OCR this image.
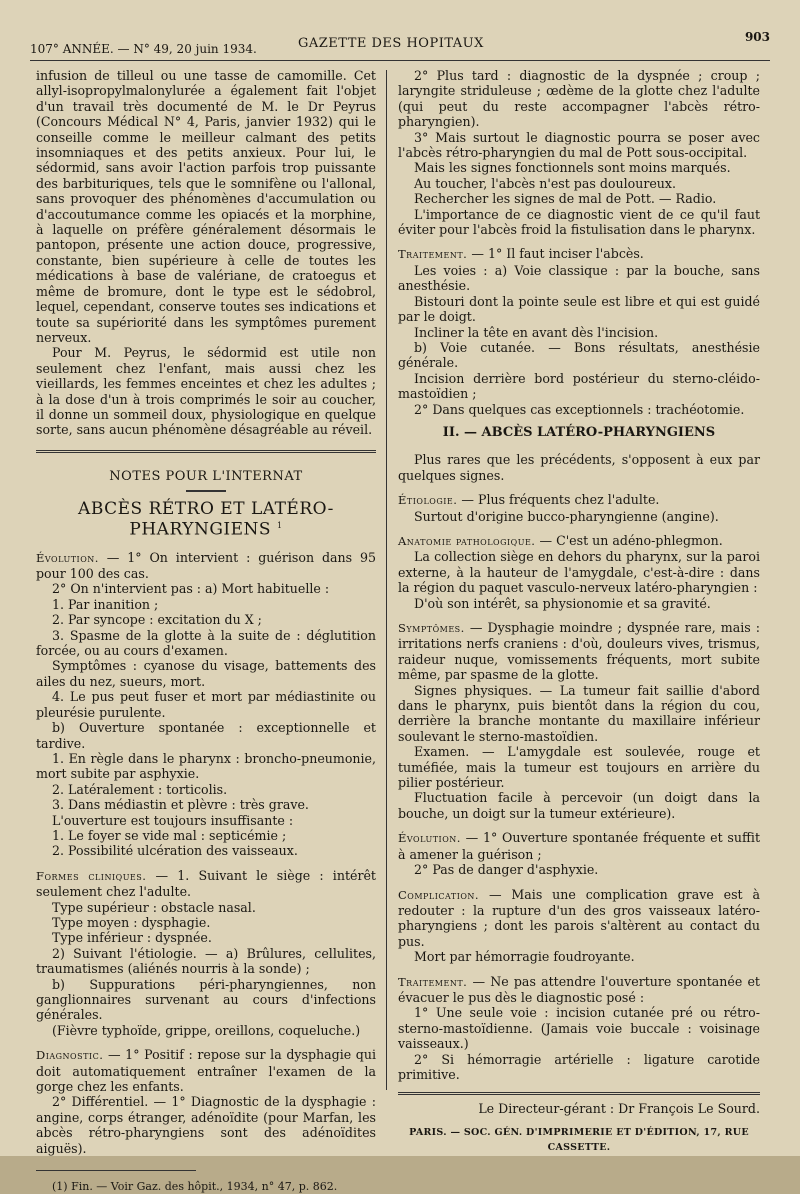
107° ANNÉE. — N° 49, 20 juin 1934.	GAZETTE DES HOPITAUX	903

infusion de tilleul ou une tasse de camomille. Cet allyl-isopropylmalonylurée a également fait l'objet d'un travail très documenté de M. le Dr Peyrus (Concours Médical N° 4, Paris, janvier 1932) qui le conseille comme le meilleur calmant des petits insomniaques et des petits anxieux. Pour lui, le sédormid, sans avoir l'action parfois trop puissante des barbituriques, tels que le somnifène ou l'allonal, sans provoquer des phénomènes d'accumulation ou d'accoutumance comme les opiacés et la morphine, à laquelle on préfère généralement désormais le pantopon, présente une action douce, progressive, constante, bien supérieure à celle de toutes les médications à base de valériane, de cratoegus et même de bromure, dont le type est le sédobrol, lequel, cependant, conserve toutes ses indications et toute sa supériorité dans les symptômes purement nerveux.

Pour M. Peyrus, le sédormid est utile non seulement chez l'enfant, mais aussi chez les vieillards, les femmes enceintes et chez les adultes ; à la dose d'un à trois comprimés le soir au coucher, il donne un sommeil doux, physiologique en quelque sorte, sans aucun phénomène désagréable au réveil.

NOTES POUR L'INTERNAT
ABCÈS RÉTRO ET LATÉRO-PHARYNGIENS $^1$

Évolution. — 1° On intervient : guérison dans 95 pour 100 des cas.

2° On n'intervient pas : a) Mort habituelle :

1. Par inanition ;

2. Par syncope : excitation du X ;

3. Spasme de la glotte à la suite de : déglutition forcée, ou au cours d'examen.

Symptômes : cyanose du visage, battements des ailes du nez, sueurs, mort.

4. Le pus peut fuser et mort par médiastinite ou pleurésie purulente.

b) Ouverture spontanée : exceptionnelle et tardive.

1. En règle dans le pharynx : broncho-pneumonie, mort subite par asphyxie.

2. Latéralement : torticolis.

3. Dans médiastin et plèvre : très grave.

L'ouverture est toujours insuffisante :

1. Le foyer se vide mal : septicémie ;

2. Possibilité ulcération des vaisseaux.

Formes cliniques. — 1. Suivant le siège : intérêt seulement chez l'adulte.

Type supérieur : obstacle nasal.

Type moyen : dysphagie.

Type inférieur : dyspnée.

2) Suivant l'étiologie. — a) Brûlures, cellulites, traumatismes (aliénés nourris à la sonde) ;

b) Suppurations péri-pharyngiennes, non ganglionnaires survenant au cours d'infections générales.

(Fièvre typhoïde, grippe, oreillons, coqueluche.)

Diagnostic. — 1° Positif : repose sur la dysphagie qui doit automatiquement entraîner l'examen de la gorge chez les enfants.

2° Différentiel. — 1° Diagnostic de la dysphagie : angine, corps étranger, adénoïdite (pour Marfan, les abcès rétro-pharyngiens sont des adénoïdites aiguës).

(1) Fin. — Voir Gaz. des hôpit., 1934, n° 47, p. 862.

2° Plus tard : diagnostic de la dyspnée ; croup ; laryngite striduleuse ; œdème de la glotte chez l'adulte (qui peut du reste accompagner l'abcès rétro-pharyngien).

3° Mais surtout le diagnostic pourra se poser avec l'abcès rétro-pharyngien du mal de Pott sous-occipital.

Mais les signes fonctionnels sont moins marqués.

Au toucher, l'abcès n'est pas douloureux.

Rechercher les signes de mal de Pott. — Radio.

L'importance de ce diagnostic vient de ce qu'il faut éviter pour l'abcès froid la fistulisation dans le pharynx.

Traitement. — 1° Il faut inciser l'abcès.

Les voies : a) Voie classique : par la bouche, sans anesthésie.

Bistouri dont la pointe seule est libre et qui est guidé par le doigt.

Incliner la tête en avant dès l'incision.

b) Voie cutanée. — Bons résultats, anesthésie générale.

Incision derrière bord postérieur du sterno-cléido-mastoïdien ;

2° Dans quelques cas exceptionnels : trachéotomie.

II. — ABCÈS LATÉRO-PHARYNGIENS

Plus rares que les précédents, s'opposent à eux par quelques signes.

Étiologie. — Plus fréquents chez l'adulte.

Surtout d'origine bucco-pharyngienne (angine).

Anatomie pathologique. — C'est un adéno-phlegmon.

La collection siège en dehors du pharynx, sur la paroi externe, à la hauteur de l'amygdale, c'est-à-dire : dans la région du paquet vasculo-nerveux latéro-pharyngien :

D'où son intérêt, sa physionomie et sa gravité.

Symptômes. — Dysphagie moindre ; dyspnée rare, mais : irritations nerfs craniens : d'où, douleurs vives, trismus, raideur nuque, vomissements fréquents, mort subite même, par spasme de la glotte.

Signes physiques. — La tumeur fait saillie d'abord dans le pharynx, puis bientôt dans la région du cou, derrière la branche montante du maxillaire inférieur soulevant le sterno-mastoïdien.

Examen. — L'amygdale est soulevée, rouge et tuméfiée, mais la tumeur est toujours en arrière du pilier postérieur.

Fluctuation facile à percevoir (un doigt dans la bouche, un doigt sur la tumeur extérieure).

Évolution. — 1° Ouverture spontanée fréquente et suffit à amener la guérison ;

2° Pas de danger d'asphyxie.

Complication. — Mais une complication grave est à redouter : la rupture d'un des gros vaisseaux latéro-pharyngiens ; dont les parois s'altèrent au contact du pus.

Mort par hémorragie foudroyante.

Traitement. — Ne pas attendre l'ouverture spontanée et évacuer le pus dès le diagnostic posé :

1° Une seule voie : incision cutanée pré ou rétro-sterno-mastoïdienne. (Jamais voie buccale : voisinage vaisseaux.)

2° Si hémorragie artérielle : ligature carotide primitive.

Le Directeur-gérant : Dr François Le Sourd.
PARIS. — SOC. GÉN. D'IMPRIMERIE ET D'ÉDITION, 17, RUE CASSETTE.
